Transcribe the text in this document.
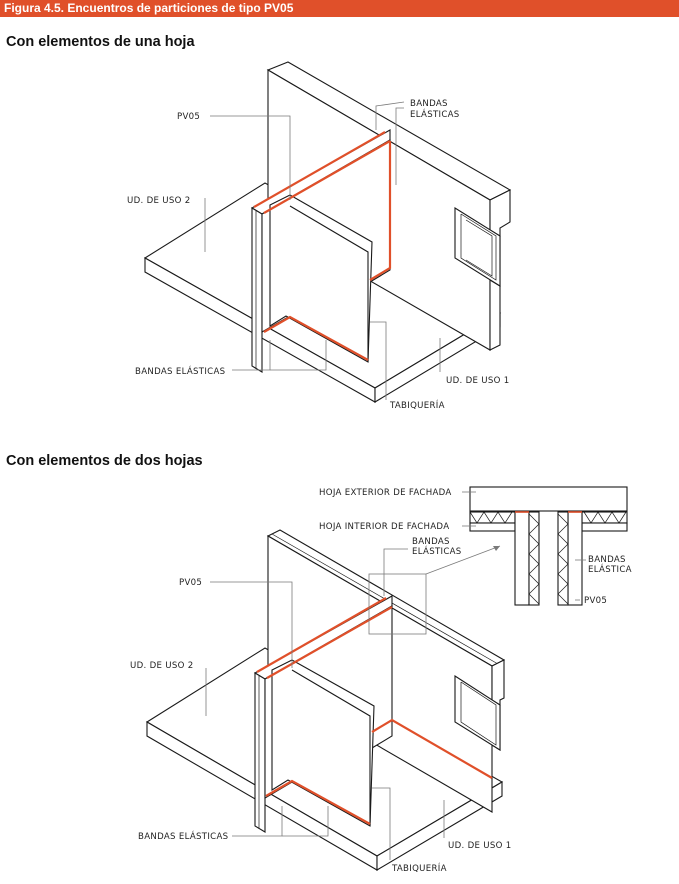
Figura 4.5. Encuentros de particiones de tipo PV05
Con elementos de una hoja
Con elementos de dos hojas
PV05
BANDAS
ELÁSTICAS
UD. DE USO 2
BANDAS ELÁSTICAS
UD. DE USO 1
TABIQUERÍA
PV05
BANDAS
ELÁSTICAS
UD. DE USO 2
BANDAS ELÁSTICAS
UD. DE USO 1
TABIQUERÍA
HOJA EXTERIOR DE FACHADA
HOJA INTERIOR DE FACHADA
BANDAS
ELÁSTICA
PV05
